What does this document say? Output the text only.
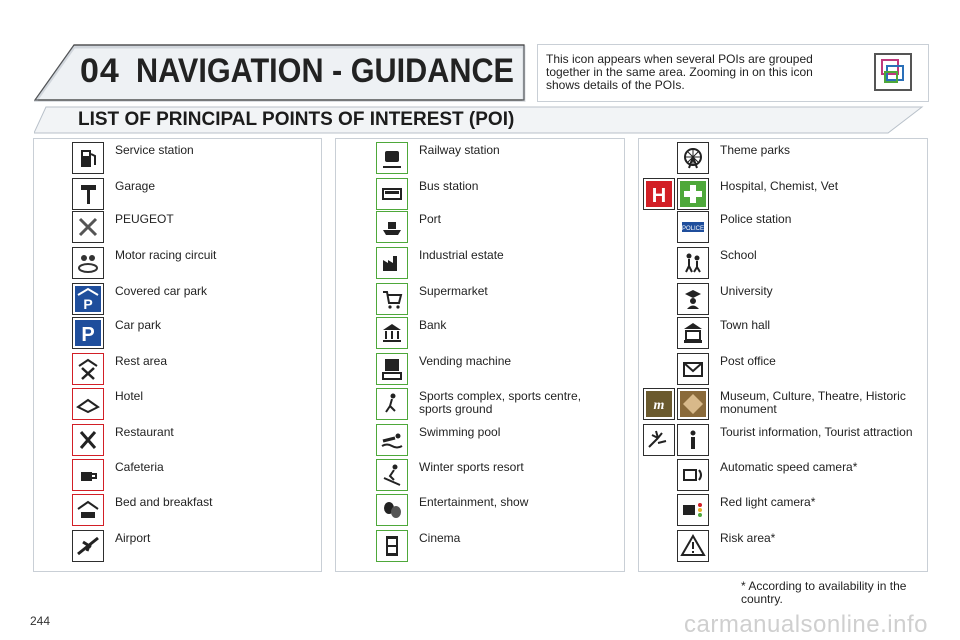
04 NAVIGATION - GUIDANCE	This icon appears when several POIs are grouped together in the same area. Zooming in on this icon shows details of the POIs.
LIST OF PRINCIPAL POINTS OF INTEREST (POI)
Service station
Garage
PEUGEOT
Motor racing circuit
P
Covered car park
P Car park
Rest area
Hotel
Restaurant
Cafeteria
Bed and breakfast
Airport
Railway station
Bus station
Port
Industrial estate
Supermarket
Bank
Vending machine
Sports complex, sports centre,
sports ground
Swimming pool
Winter sports resort
Entertainment, show
Cinema
Theme parks
H	Hospital, Chemist, Vet
POLICE
Police station
School
University
Town hall
Post office
m
Museum, Culture, Theatre, Historic
monument
Tourist information, Tourist attraction
Automatic speed camera*
Red light camera*
Risk area*
* According to availability in the
country.
244	carmanualsonline.info
